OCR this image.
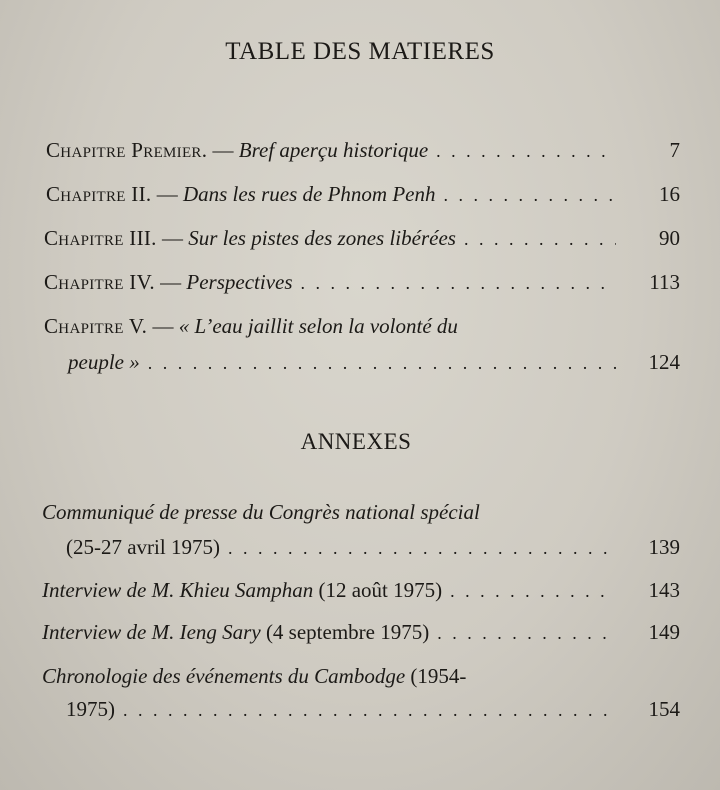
TABLE DES MATIERES
Chapitre Premier. — Bref aperçu historique . . .	7
Chapitre II. — Dans les rues de Phnom Penh . . .	16
Chapitre III. — Sur les pistes des zones libérées . . .	90
Chapitre IV. — Perspectives . . .	113
Chapitre V. — « L’eau jaillit selon la volonté du
peuple » . . .	124
ANNEXES
Communiqué de presse du Congrès national spécial
(25-27 avril 1975) . . .	139
Interview de M. Khieu Samphan (12 août 1975) . . .	143
Interview de M. Ieng Sary (4 septembre 1975) . . .	149
Chronologie des événements du Cambodge (1954-
1975) . . .	154
